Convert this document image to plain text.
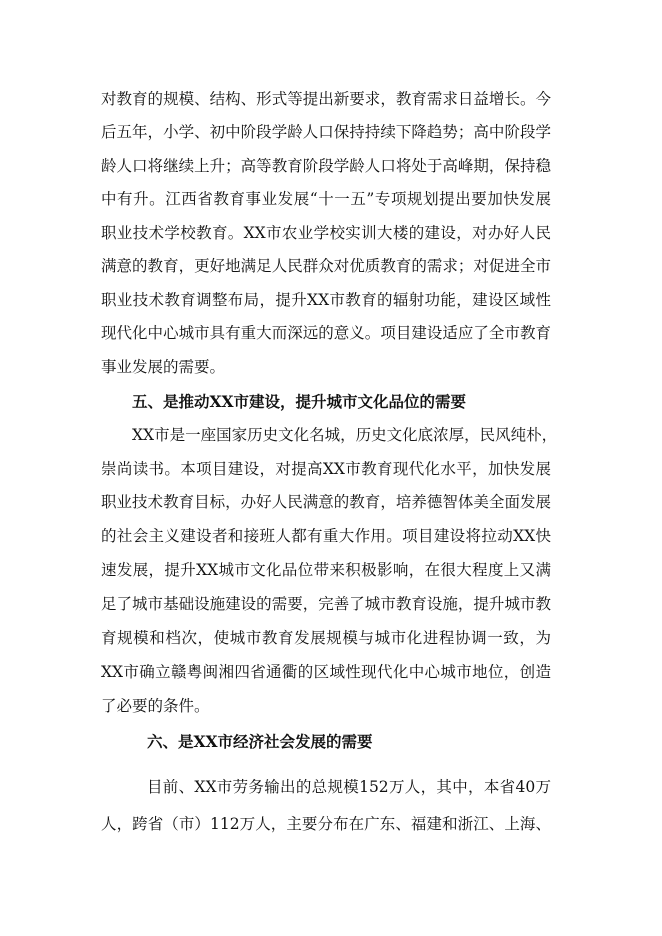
对教育的规模、结构、形式等提出新要求，教育需求日益增长。今
后五年，小学、初中阶段学龄人口保持持续下降趋势；高中阶段学
龄人口将继续上升；高等教育阶段学龄人口将处于高峰期，保持稳
中有升。江西省教育事业发展“十一五”专项规划提出要加快发展
职业技术学校教育。XX市农业学校实训大楼的建设，对办好人民
满意的教育，更好地满足人民群众对优质教育的需求；对促进全市
职业技术教育调整布局，提升XX市教育的辐射功能，建设区域性
现代化中心城市具有重大而深远的意义。项目建设适应了全市教育
事业发展的需要。
五、是推动XX市建设，提升城市文化品位的需要
XX市是一座国家历史文化名城，历史文化底浓厚，民风纯朴，
崇尚读书。本项目建设，对提高XX市教育现代化水平，加快发展
职业技术教育目标，办好人民满意的教育，培养德智体美全面发展
的社会主义建设者和接班人都有重大作用。项目建设将拉动XX快
速发展，提升XX城市文化品位带来积极影响，在很大程度上又满
足了城市基础设施建设的需要，完善了城市教育设施，提升城市教
育规模和档次，使城市教育发展规模与城市化进程协调一致，为
XX市确立赣粤闽湘四省通衢的区域性现代化中心城市地位，创造
了必要的条件。
六、是XX市经济社会发展的需要
目前、XX市劳务输出的总规模152万人，其中，本省40万
人，跨省（市）112万人，主要分布在广东、福建和浙江、上海、
